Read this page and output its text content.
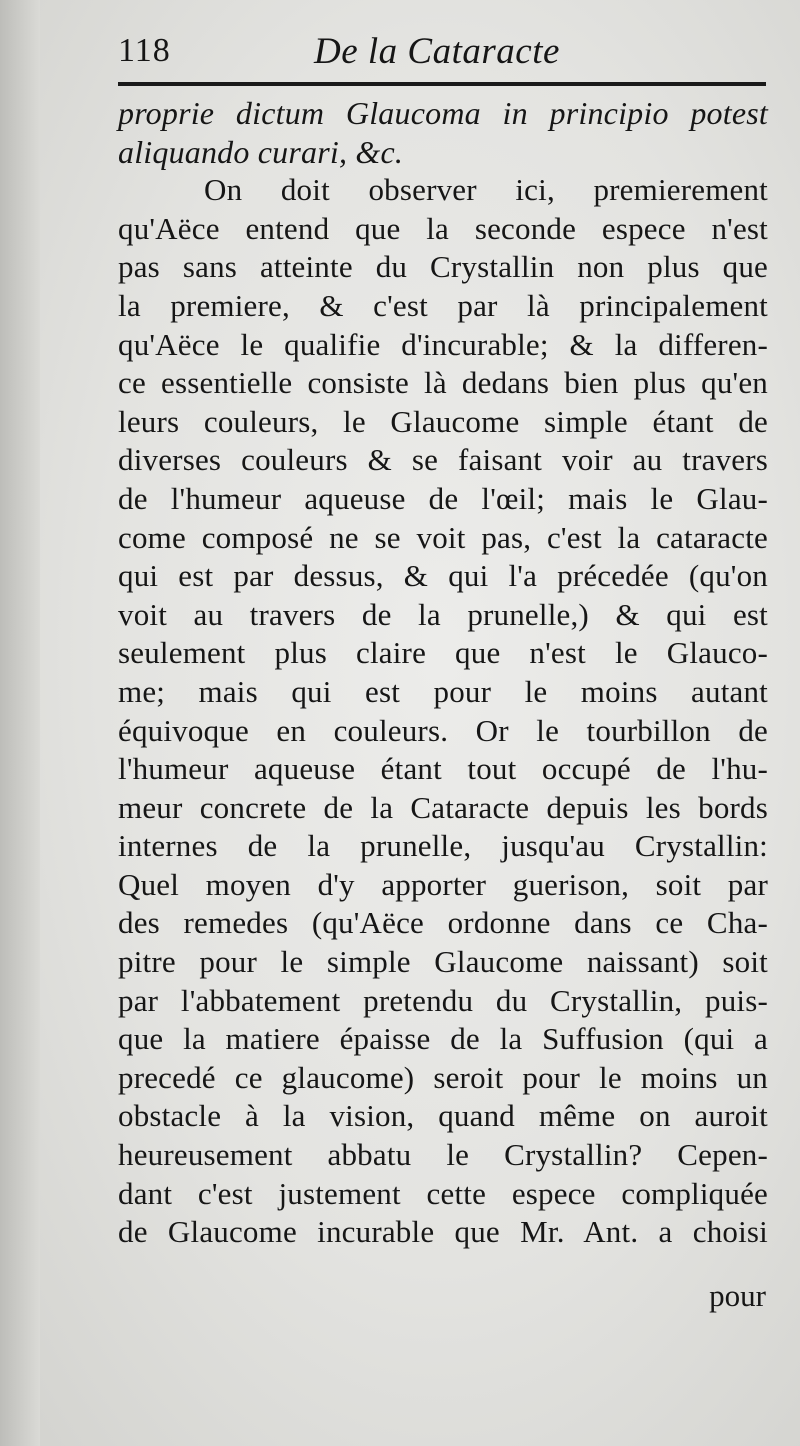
118	De la Cataracte
proprie dictum Glaucoma in principio potest
aliquando curari, &c.
On doit observer ici, premierement
qu'Aëce entend que la seconde espece n'est
pas sans atteinte du Crystallin non plus que
la premiere, & c'est par là principalement
qu'Aëce le qualifie d'incurable; & la differen-
ce essentielle consiste là dedans bien plus qu'en
leurs couleurs, le Glaucome simple étant de
diverses couleurs & se faisant voir au travers
de l'humeur aqueuse de l'œil; mais le Glau-
come composé ne se voit pas, c'est la cataracte
qui est par dessus, & qui l'a précedée (qu'on
voit au travers de la prunelle,) & qui est
seulement plus claire que n'est le Glauco-
me; mais qui est pour le moins autant
équivoque en couleurs. Or le tourbillon de
l'humeur aqueuse étant tout occupé de l'hu-
meur concrete de la Cataracte depuis les bords
internes de la prunelle, jusqu'au Crystallin:
Quel moyen d'y apporter guerison, soit par
des remedes (qu'Aëce ordonne dans ce Cha-
pitre pour le simple Glaucome naissant) soit
par l'abbatement pretendu du Crystallin, puis-
que la matiere épaisse de la Suffusion (qui a
precedé ce glaucome) seroit pour le moins un
obstacle à la vision, quand même on auroit
heureusement abbatu le Crystallin? Cepen-
dant c'est justement cette espece compliquée
de Glaucome incurable que Mr. Ant. a choisi
pour
